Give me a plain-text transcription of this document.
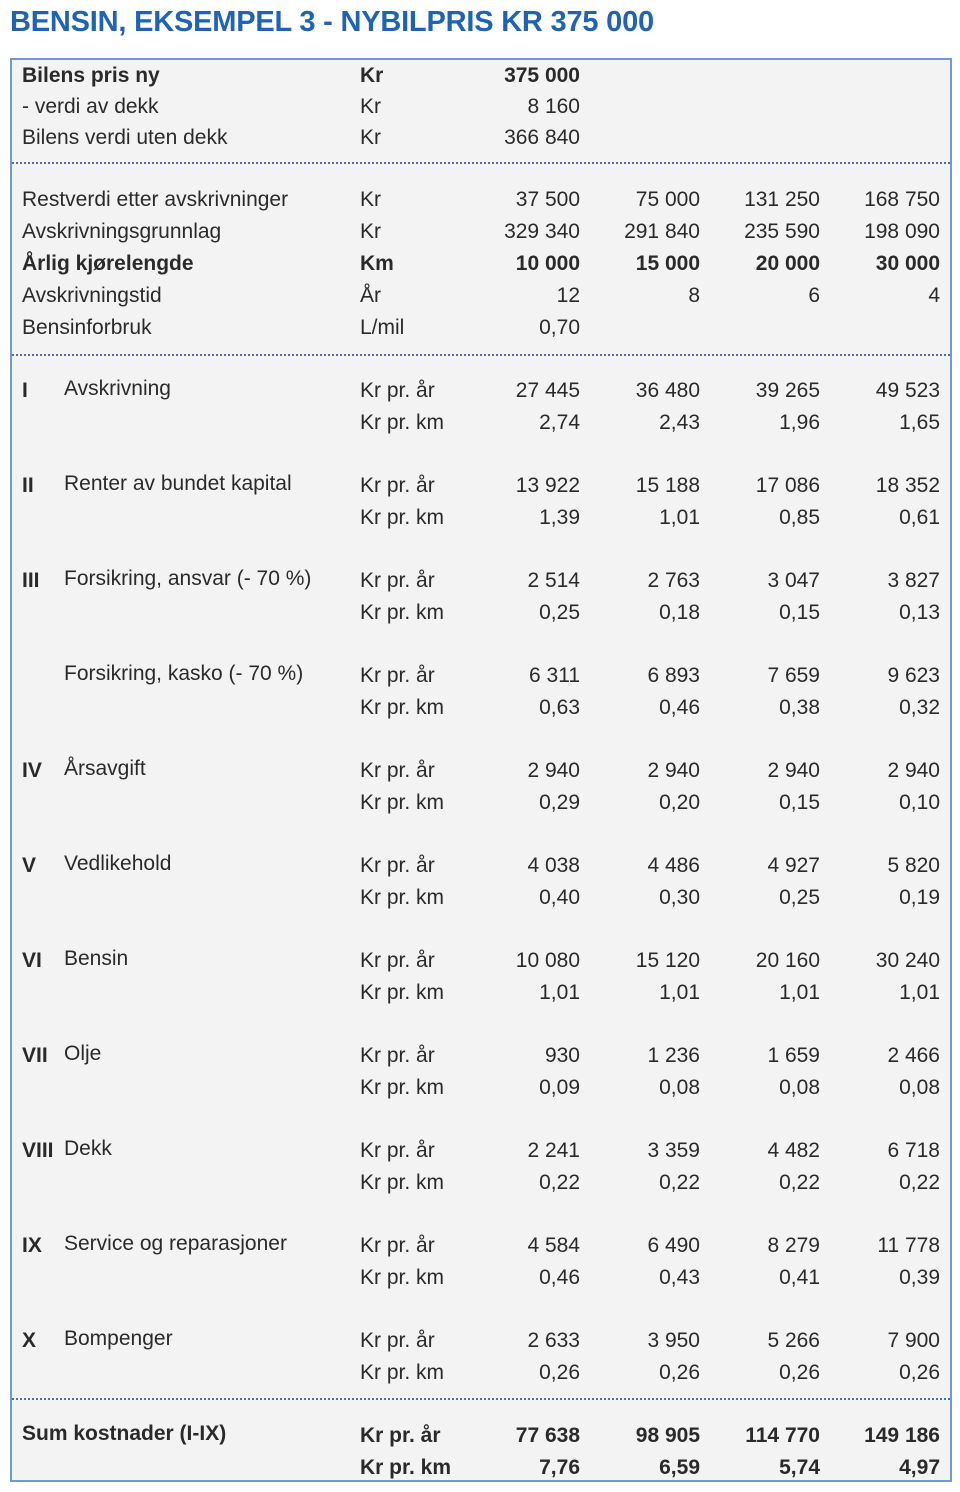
BENSIN, EKSEMPEL 3 - NYBILPRIS KR 375 000
Bilens pris ny	Kr	375 000
- verdi av dekk	Kr	8 160
Bilens verdi uten dekk	Kr	366 840
Restverdi etter avskrivninger	Kr	37 500	75 000	131 250	168 750
Avskrivningsgrunnlag	Kr	329 340	291 840	235 590	198 090
Årlig kjørelengde	Km	10 000	15 000	20 000	30 000
Avskrivningstid	År	12	8	6	4
Bensinforbruk	L/mil	0,70
I Avskrivning	Kr pr. år	27 445	36 480	39 265	49 523
Kr pr. km	2,74	2,43	1,96	1,65
II Renter av bundet kapital	Kr pr. år	13 922	15 188	17 086	18 352
Kr pr. km	1,39	1,01	0,85	0,61
III Forsikring, ansvar (- 70 %) Kr pr. år	2 514	2 763	3 047	3 827
Kr pr. km	0,25	0,18	0,15	0,13
Forsikring, kasko (- 70 %)	Kr pr. år	6 311	6 893	7 659	9 623
Kr pr. km	0,63	0,46	0,38	0,32
IV Årsavgift	Kr pr. år	2 940	2 940	2 940	2 940
Kr pr. km	0,29	0,20	0,15	0,10
V Vedlikehold	Kr pr. år	4 038	4 486	4 927	5 820
Kr pr. km	0,40	0,30	0,25	0,19
VI Bensin	Kr pr. år	10 080	15 120	20 160	30 240
Kr pr. km	1,01	1,01	1,01	1,01
VII Olje	Kr pr. år	930	1 236	1 659	2 466
Kr pr. km	0,09	0,08	0,08	0,08
VIII Dekk	Kr pr. år	2 241	3 359	4 482	6 718
Kr pr. km	0,22	0,22	0,22	0,22
IX Service og reparasjoner	Kr pr. år	4 584	6 490	8 279	11 778
Kr pr. km	0,46	0,43	0,41	0,39
X Bompenger	Kr pr. år	2 633	3 950	5 266	7 900
Kr pr. km	0,26	0,26	0,26	0,26
Sum kostnader (I-IX)	Kr pr. år	77 638	98 905	114 770	149 186
Kr pr. km	7,76	6,59	5,74	4,97
